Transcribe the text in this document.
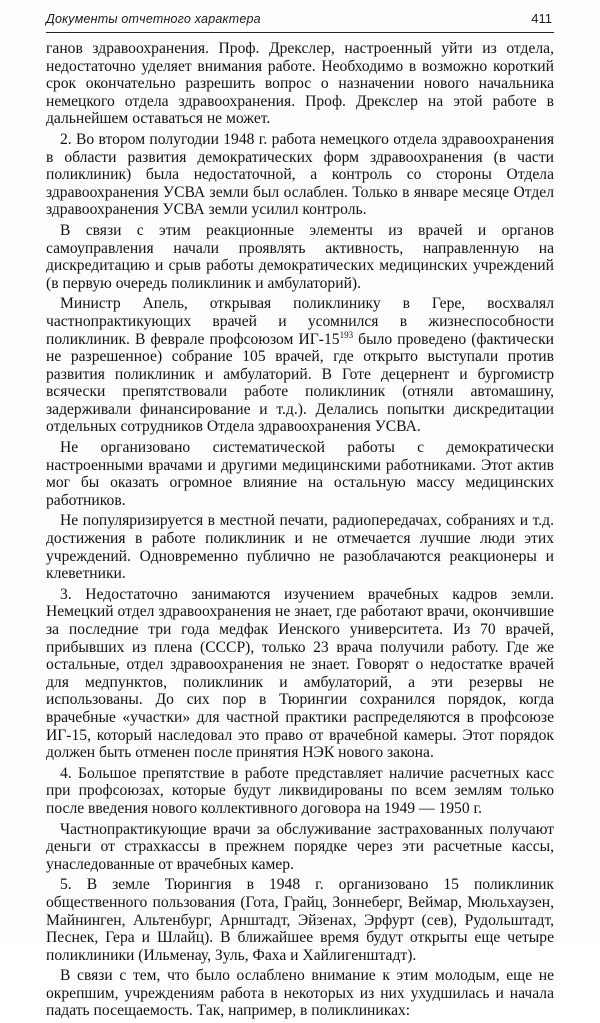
Документы отчетного характера	411

ганов здравоохранения. Проф. Дрекслер, настроенный уйти из отдела, недостаточно уделяет внимания работе. Необходимо в возможно короткий срок окончательно разрешить вопрос о назначении нового начальника немецкого отдела здравоохранения. Проф. Дрекслер на этой работе в дальнейшем оставаться не может.

2. Во втором полугодии 1948 г. работа немецкого отдела здравоохранения в области развития демократических форм здравоохранения (в части поликлиник) была недостаточной, а контроль со стороны Отдела здравоохранения УСВА земли был ослаблен. Только в январе месяце Отдел здравоохранения УСВА земли усилил контроль.

В связи с этим реакционные элементы из врачей и органов самоуправления начали проявлять активность, направленную на дискредитацию и срыв работы демократических медицинских учреждений (в первую очередь поликлиник и амбулаторий).

Министр Апель, открывая поликлинику в Гере, восхвалял частнопрактикующих врачей и усомнился в жизнеспособности поликлиник. В феврале профсоюзом $ИГ-15^{193}$ было проведено (фактически не разрешенное) собрание 105 врачей, где открыто выступали против развития поликлиник и амбулаторий. В Готе децернент и бургомистр всячески препятствовали работе поликлиник (отняли автомашину, задерживали финансирование и т.д.). Делались попытки дискредитации отдельных сотрудников Отдела здравоохранения УСВА.

Не организовано систематической работы с демократически настроенными врачами и другими медицинскими работниками. Этот актив мог бы оказать огромное влияние на остальную массу медицинских работников.

Не популяризируется в местной печати, радиопередачах, собраниях и т.д. достижения в работе поликлиник и не отмечается лучшие люди этих учреждений. Одновременно публично не разоблачаются реакционеры и клеветники.

3. Недостаточно занимаются изучением врачебных кадров земли. Немецкий отдел здравоохранения не знает, где работают врачи, окончившие за последние три года медфак Иенского университета. Из 70 врачей, прибывших из плена (СССР), только 23 врача получили работу. Где же остальные, отдел здравоохранения не знает. Говорят о недостатке врачей для медпунктов, поликлиник и амбулаторий, а эти резервы не использованы. До сих пор в Тюрингии сохранился порядок, когда врачебные «участки» для частной практики распределяются в профсоюзе ИГ-15, который наследовал это право от врачебной камеры. Этот порядок должен быть отменен после принятия НЭК нового закона.

4. Большое препятствие в работе представляет наличие расчетных касс при профсоюзах, которые будут ликвидированы по всем землям только после введения нового коллективного договора на 1949 — 1950 г.

Частнопрактикующие врачи за обслуживание застрахованных получают деньги от страхкассы в прежнем порядке через эти расчетные кассы, унаследованные от врачебных камер.

5. В земле Тюрингия в 1948 г. организовано 15 поликлиник общественного пользования (Гота, Грайц, Зоннеберг, Веймар, Мюльхаузен, Майнинген, Альтенбург, Арнштадт, Эйзенах, Эрфурт (сев), Рудольштадт, Песнек, Гера и Шлайц). В ближайшее время будут открыты еще четыре поликлиники (Ильменау, Зуль, Фаха и Хайлигенштадт).

В связи с тем, что было ослаблено внимание к этим молодым, еще не окрепшим, учреждениям работа в некоторых из них ухудшилась и начала падать посещаемость. Так, например, в поликлиниках:
